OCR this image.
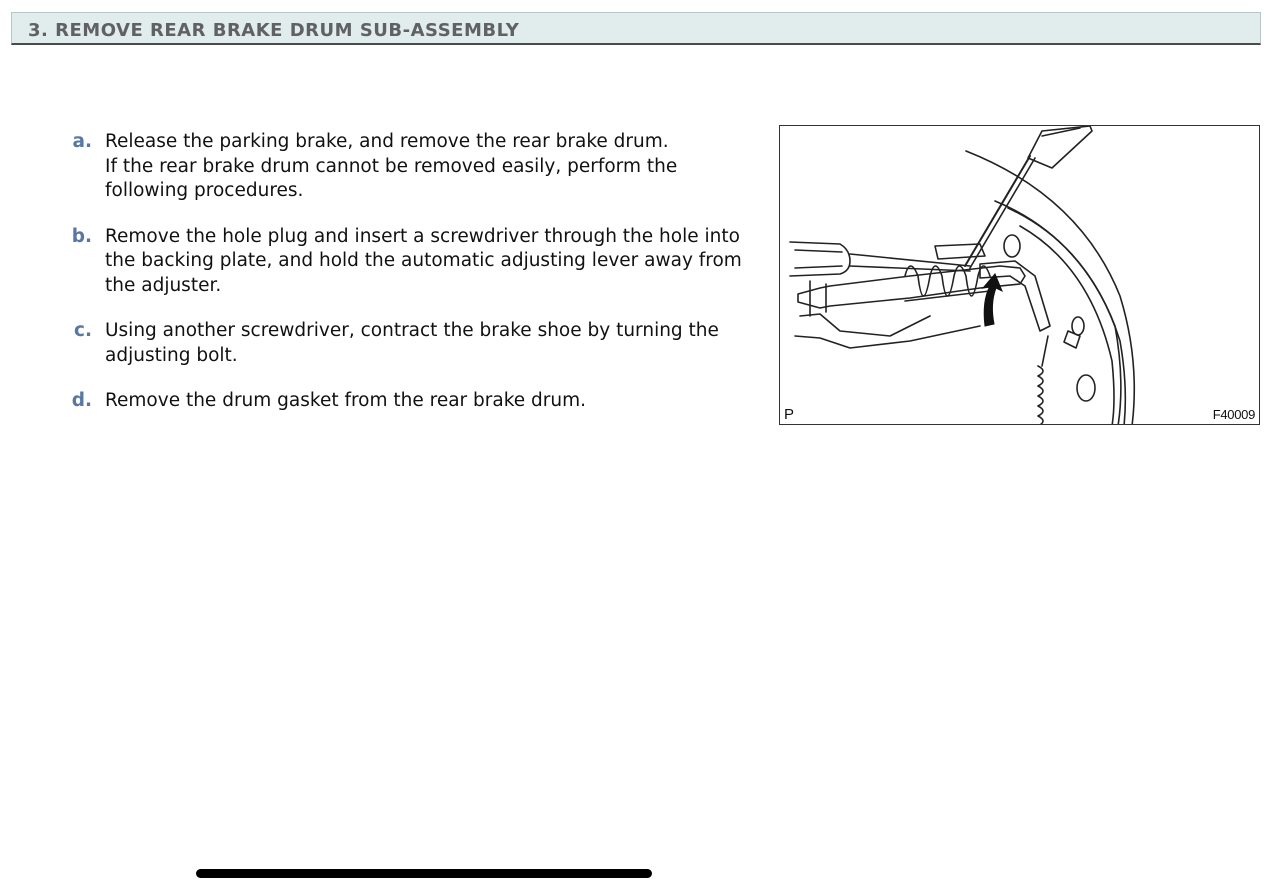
3. REMOVE REAR BRAKE DRUM SUB-ASSEMBLY
a. Release the parking brake, and remove the rear brake drum.
If the rear brake drum cannot be removed easily, perform the
following procedures.
b. Remove the hole plug and insert a screwdriver through the hole into
the backing plate, and hold the automatic adjusting lever away from
the adjuster.
c. Using another screwdriver, contract the brake shoe by turning the
adjusting bolt.
d. Remove the drum gasket from the rear brake drum.
P	F40009
